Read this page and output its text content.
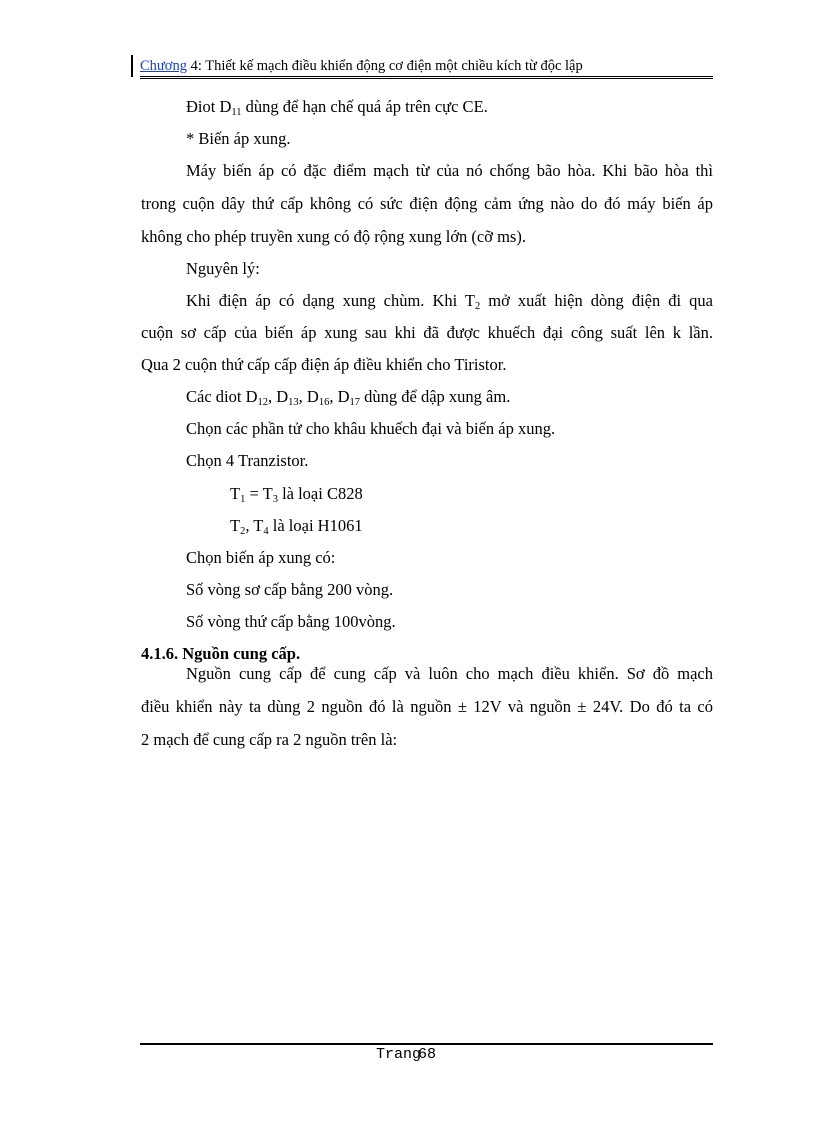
Chương 4: Thiết kế mạch điều khiển động cơ điện một chiều kích từ độc lập
Điot $D_{11}$ dùng để hạn chế quá áp trên cực CE.
* Biến áp xung.
Máy biến áp có đặc điểm mạch từ của nó chống bão hòa. Khi bão hòa thì
trong cuộn dây thứ cấp không có sức điện động cảm ứng nào do đó máy biến áp
không cho phép truyền xung có độ rộng xung lớn (cỡ ms).
Nguyên lý:
Khi điện áp có dạng xung chùm. Khi $T_2$ mở xuất hiện dòng điện đi qua
cuộn sơ cấp của biến áp xung sau khi đã được khuếch đại công suất lên k lần.
Qua 2 cuộn thứ cấp cấp điện áp điều khiển cho Tiristor.
Các diot $D_{12}$, $D_{13}$, $D_{16}$, $D_{17}$ dùng để dập xung âm.
Chọn các phần tử cho khâu khuếch đại và biến áp xung.
Chọn 4 Tranzistor.
$T_1 = T_3$ là loại C828
$T_2$, $T_4$ là loại H1061
Chọn biến áp xung có:
Số vòng sơ cấp bằng 200 vòng.
Số vòng thứ cấp bằng 100vòng.
4.1.6. Nguồn cung cấp.
Nguồn cung cấp để cung cấp và luôn cho mạch điều khiển. Sơ đồ mạch
điều khiển này ta dùng 2 nguồn đó là nguồn ± 12V và nguồn ± 24V. Do đó ta có
2 mạch để cung cấp ra 2 nguồn trên là:
Trang68
